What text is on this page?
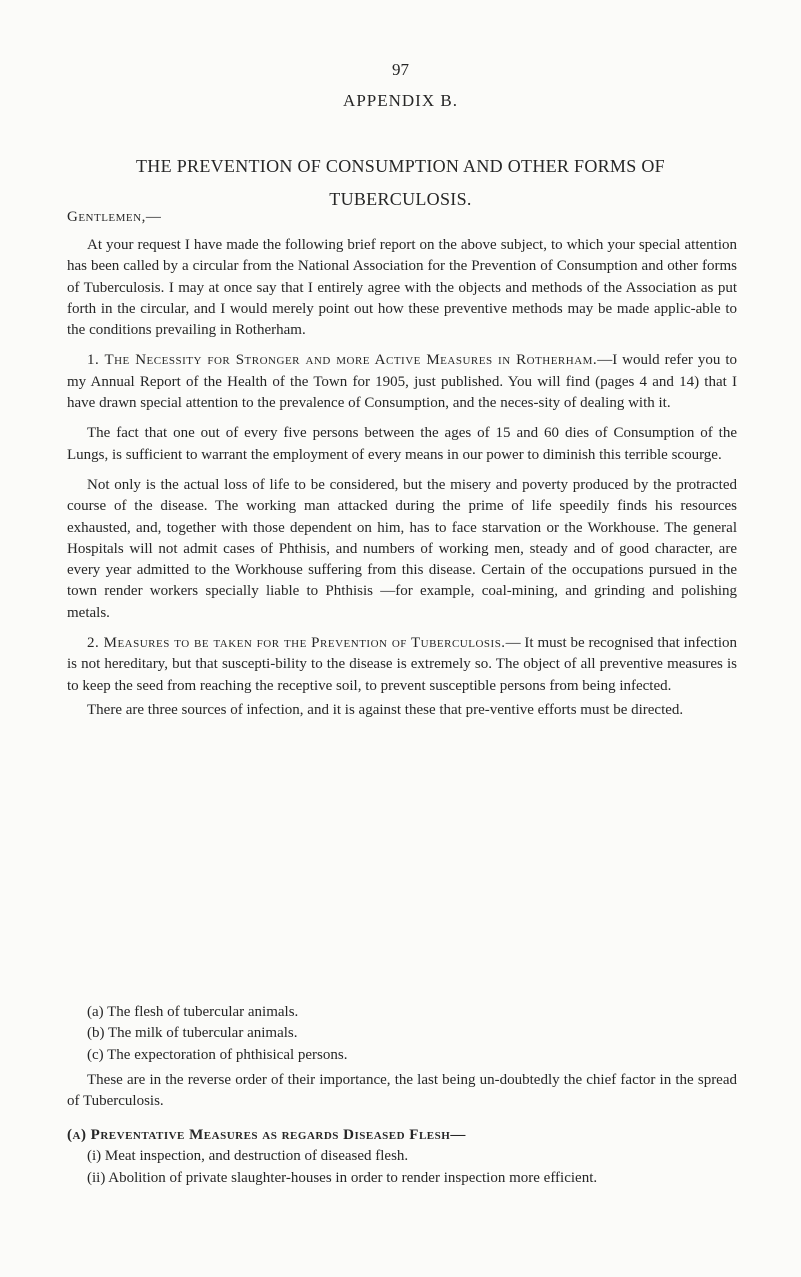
97
APPENDIX B.
THE PREVENTION OF CONSUMPTION AND OTHER FORMS OF
TUBERCULOSIS.
Gentlemen,—

At your request I have made the following brief report on the above subject, to which your special attention has been called by a circular from the National Association for the Prevention of Consumption and other forms of Tuberculosis. I may at once say that I entirely agree with the objects and methods of the Association as put forth in the circular, and I would merely point out how these preventive methods may be made applic-able to the conditions prevailing in Rotherham.

1. The Necessity for Stronger and more Active Measures in Rotherham.—I would refer you to my Annual Report of the Health of the Town for 1905, just published. You will find (pages 4 and 14) that I have drawn special attention to the prevalence of Consumption, and the neces-sity of dealing with it.

The fact that one out of every five persons between the ages of 15 and 60 dies of Consumption of the Lungs, is sufficient to warrant the employment of every means in our power to diminish this terrible scourge.

Not only is the actual loss of life to be considered, but the misery and poverty produced by the protracted course of the disease. The working man attacked during the prime of life speedily finds his resources exhausted, and, together with those dependent on him, has to face starvation or the Workhouse. The general Hospitals will not admit cases of Phthisis, and numbers of working men, steady and of good character, are every year admitted to the Workhouse suffering from this disease. Certain of the occupations pursued in the town render workers specially liable to Phthisis —for example, coal-mining, and grinding and polishing metals.

2. Measures to be taken for the Prevention of Tuberculosis.— It must be recognised that infection is not hereditary, but that suscepti-bility to the disease is extremely so. The object of all preventive measures is to keep the seed from reaching the receptive soil, to prevent susceptible persons from being infected.

There are three sources of infection, and it is against these that pre-ventive efforts must be directed.

(a) The flesh of tubercular animals.
(b) The milk of tubercular animals.
(c) The expectoration of phthisical persons.

These are in the reverse order of their importance, the last being un-doubtedly the chief factor in the spread of Tuberculosis.

(a) Preventative Measures as regards Diseased Flesh—
(i) Meat inspection, and destruction of diseased flesh.
(ii) Abolition of private slaughter-houses in order to render inspection more efficient.
